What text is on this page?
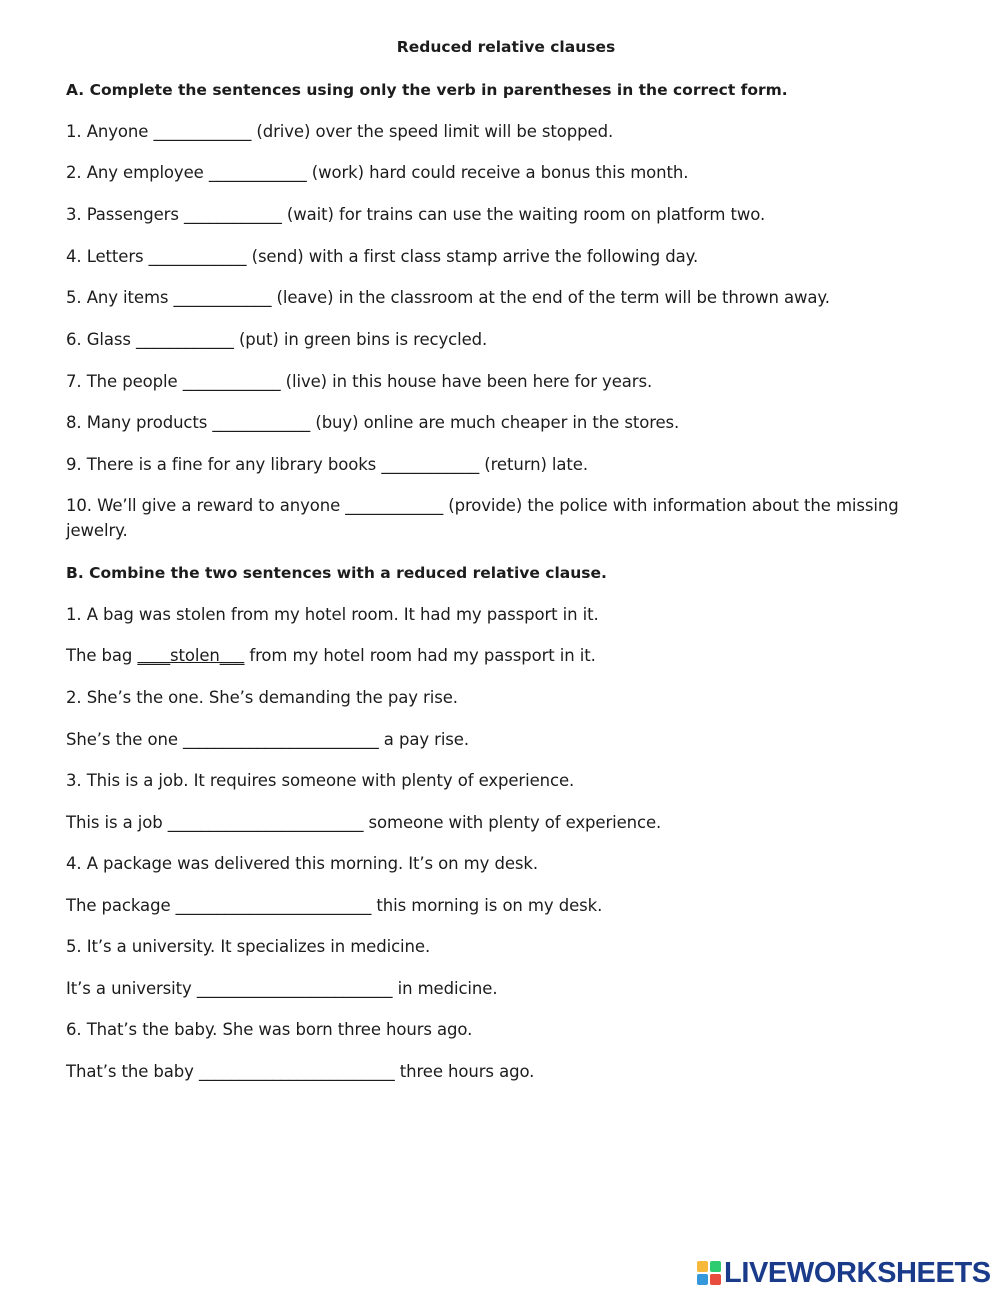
Reduced relative clauses
A. Complete the sentences using only the verb in parentheses in the correct form.
1. Anyone ____________ (drive) over the speed limit will be stopped.
2. Any employee ____________ (work) hard could receive a bonus this month.
3. Passengers ____________ (wait) for trains can use the waiting room on platform two.
4. Letters ____________ (send) with a first class stamp arrive the following day.
5. Any items ____________ (leave) in the classroom at the end of the term will be thrown away.
6. Glass ____________ (put) in green bins is recycled.
7. The people ____________ (live) in this house have been here for years.
8. Many products ____________ (buy) online are much cheaper in the stores.
9. There is a fine for any library books ____________ (return) late.
10. We’ll give a reward to anyone ____________ (provide) the police with information about the missing jewelry.
B. Combine the two sentences with a reduced relative clause.
1. A bag was stolen from my hotel room. It had my passport in it.
The bag ____stolen___ from my hotel room had my passport in it.
2. She’s the one. She’s demanding the pay rise.
She’s the one ________________________ a pay rise.
3. This is a job. It requires someone with plenty of experience.
This is a job ________________________ someone with plenty of experience.
4. A package was delivered this morning. It’s on my desk.
The package ________________________ this morning is on my desk.
5. It’s a university. It specializes in medicine.
It’s a university ________________________ in medicine.
6. That’s the baby. She was born three hours ago.
That’s the baby ________________________ three hours ago.
LIVEWORKSHEETS
